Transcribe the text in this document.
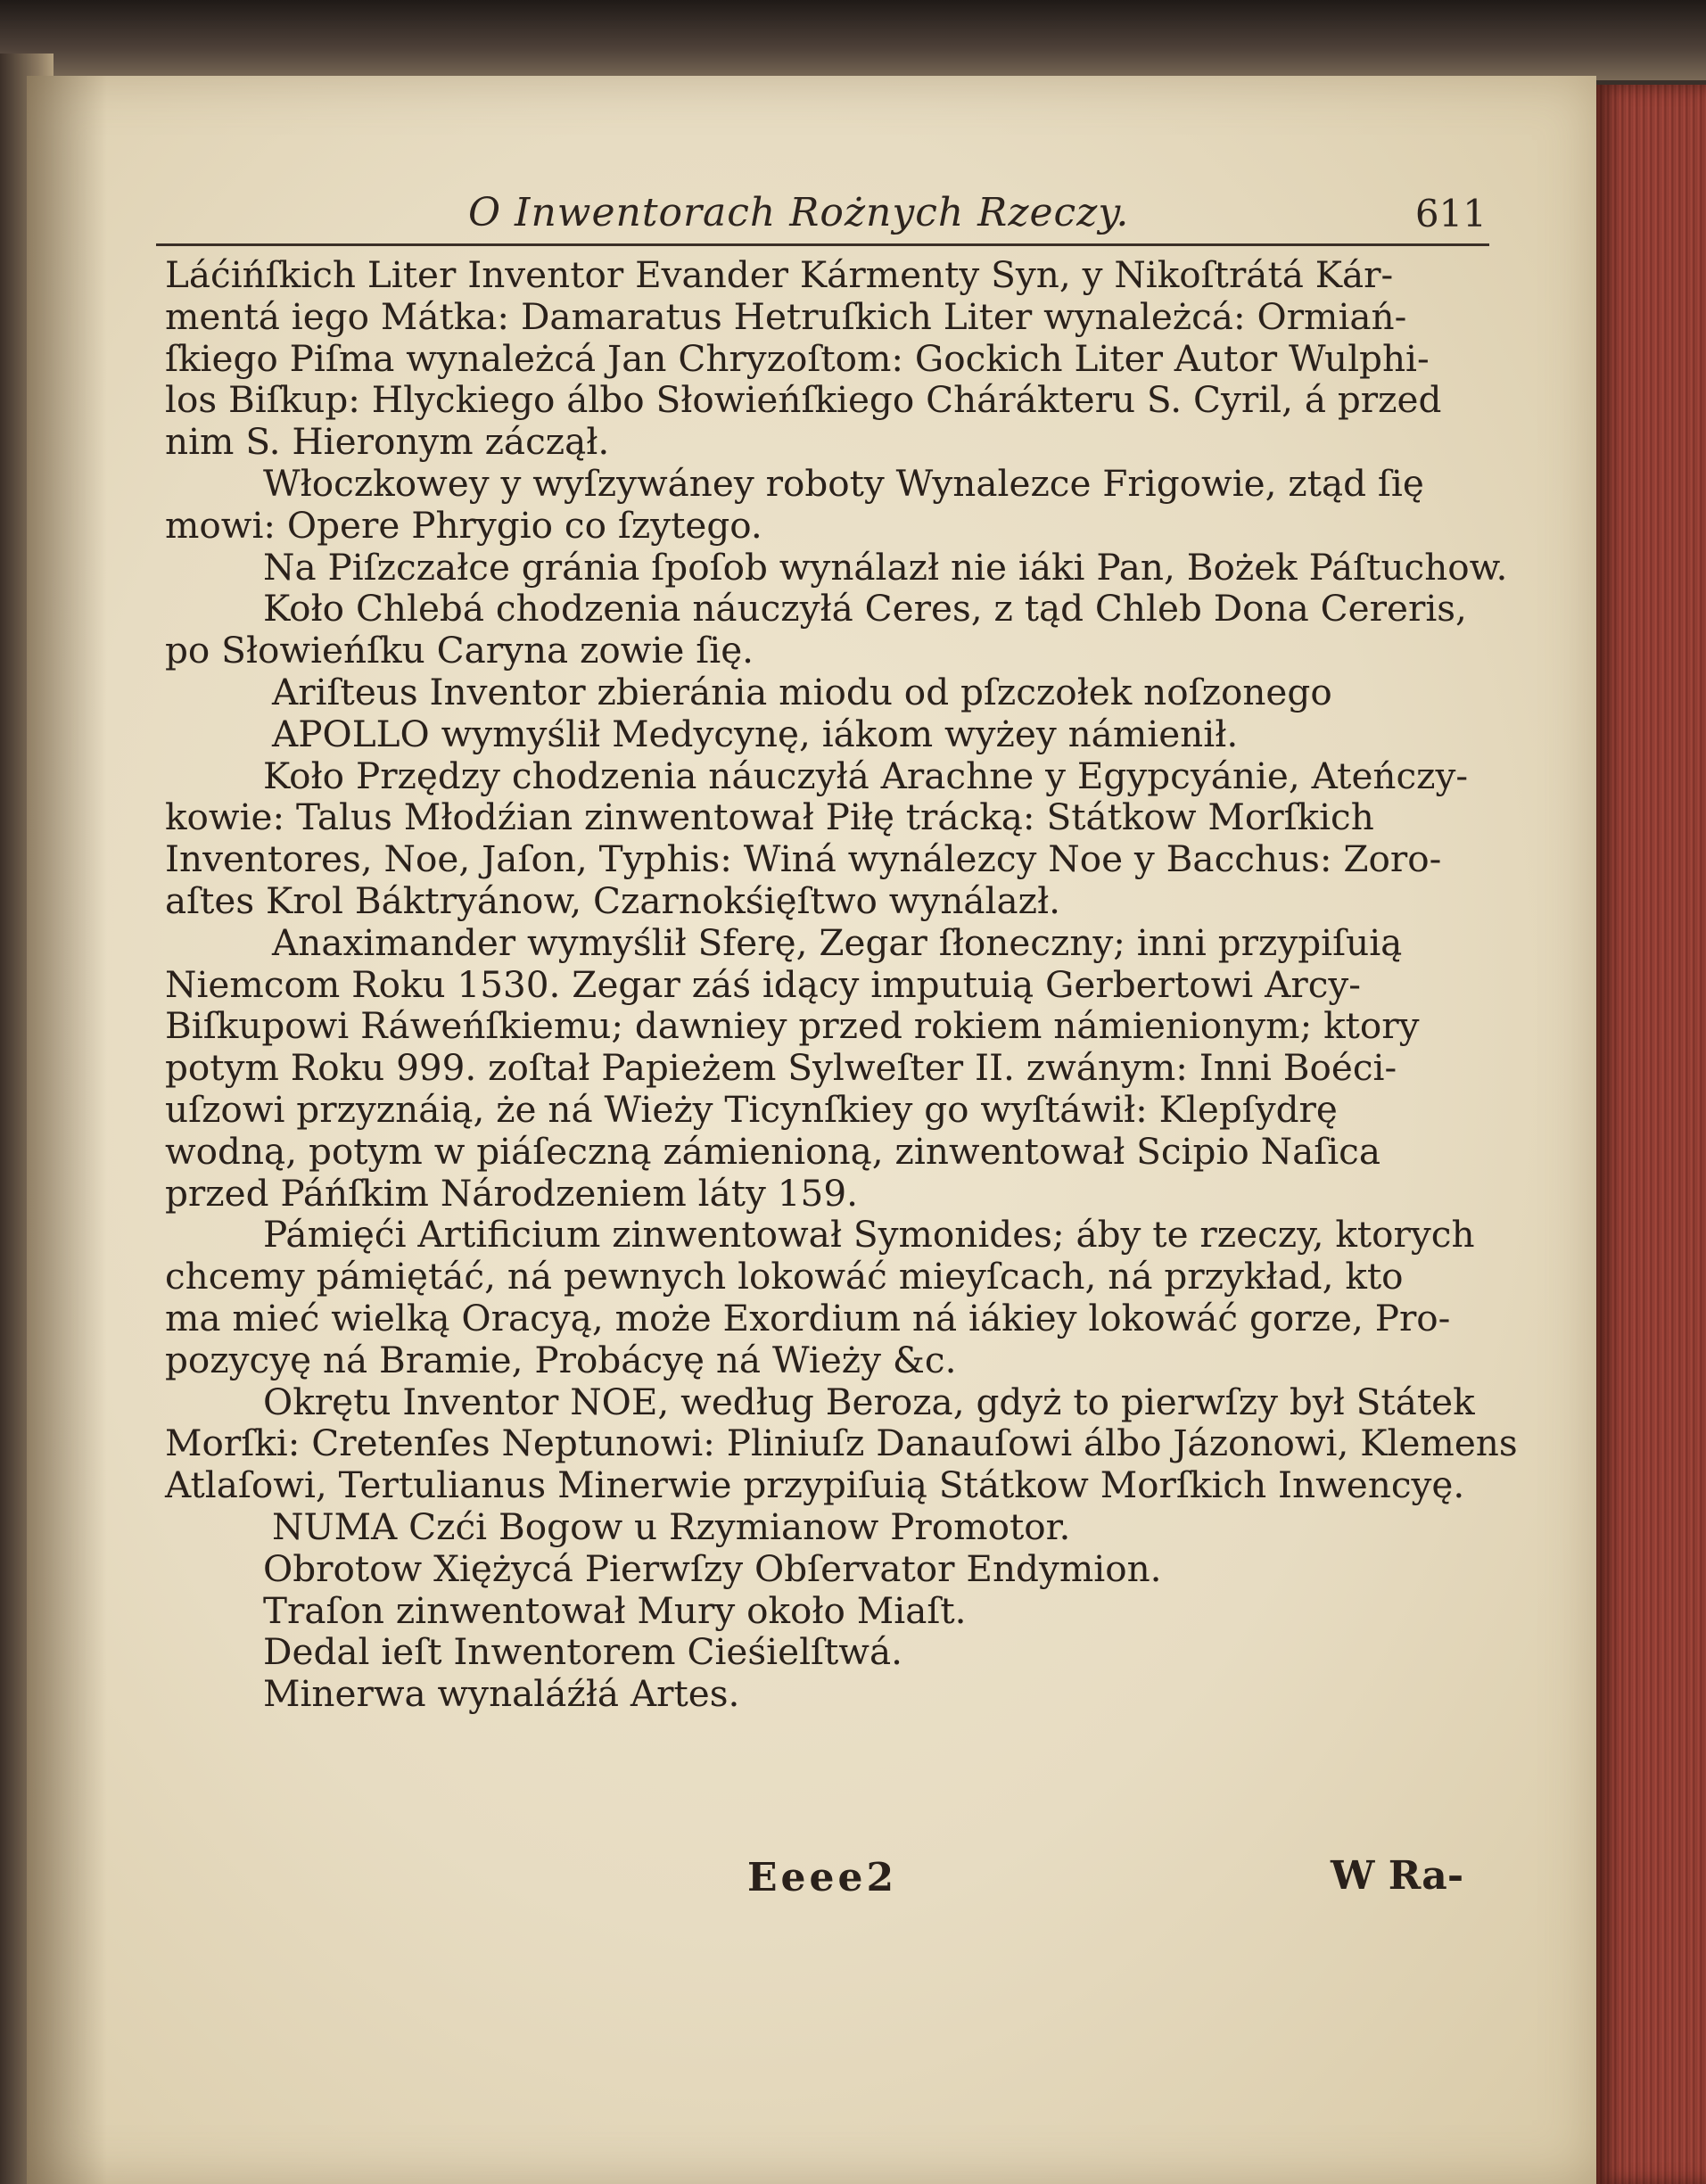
O Inwentorach Rożnych Rzeczy.	611
Láćińſkich Liter Inventor Evander Kármenty Syn, y Nikoſtrátá Kár-
mentá iego Mátka: Damaratus Hetruſkich Liter wynależcá: Ormiań-
ſkiego Piſma wynależcá Jan Chryzoſtom: Gockich Liter Autor Wulphi-
los Biſkup: Hlyckiego álbo Słowieńſkiego Chárákteru S. Cyril, á przed
nim S. Hieronym záczął.
Włoczkowey y wyſzywáney roboty Wynalezce Frigowie, ztąd ſię
mowi: Opere Phrygio co ſzytego.
Na Piſzczałce gránia ſpoſob wynálazł nie iáki Pan, Bożek Páſtuchow.
Koło Chlebá chodzenia náuczyłá Ceres, z tąd Chleb Dona Cereris,
po Słowieńſku Caryna zowie ſię.
Ariſteus Inventor zbieránia miodu od pſzczołek noſzonego
APOLLO wymyślił Medycynę, iákom wyżey námienił.
Koło Przędzy chodzenia náuczyłá Arachne y Egypcyánie, Ateńczy-
kowie: Talus Młodźian zinwentował Piłę trácką: Státkow Morſkich
Inventores, Noe, Jaſon, Typhis: Winá wynálezcy Noe y Bacchus: Zoro-
aſtes Krol Báktryánow, Czarnokśięſtwo wynálazł.
Anaximander wymyślił Sferę, Zegar ſłoneczny; inni przypiſuią
Niemcom Roku 1530. Zegar záś idący imputuią Gerbertowi Arcy-
Biſkupowi Ráweńſkiemu; dawniey przed rokiem námienionym; ktory
potym Roku 999. zoſtał Papieżem Sylweſter II. zwánym: Inni Boéci-
uſzowi przyznáią, że ná Wieży Ticynſkiey go wyſtáwił: Klepſydrę
wodną, potym w piáſeczną zámienioną, zinwentował Scipio Naſica
przed Páńſkim Národzeniem láty 159.
Pámięći Artificium zinwentował Symonides; áby te rzeczy, ktorych
chcemy pámiętáć, ná pewnych lokowáć mieyſcach, ná przykład, kto
ma mieć wielką Oracyą, może Exordium ná iákiey lokowáć gorze, Pro-
pozycyę ná Bramie, Probácyę ná Wieży &c.
Okrętu Inventor NOE, według Beroza, gdyż to pierwſzy był Státek
Morſki: Cretenſes Neptunowi: Pliniuſz Danauſowi álbo Jázonowi, Klemens
Atlaſowi, Tertulianus Minerwie przypiſuią Státkow Morſkich Inwencyę.
NUMA Czći Bogow u Rzymianow Promotor.
Obrotow Xiężycá Pierwſzy Obſervator Endymion.
Traſon zinwentował Mury około Miaſt.
Dedal ieſt Inwentorem Cieśielſtwá.
Minerwa wynaláźłá Artes.
Eeee2	W Ra-
